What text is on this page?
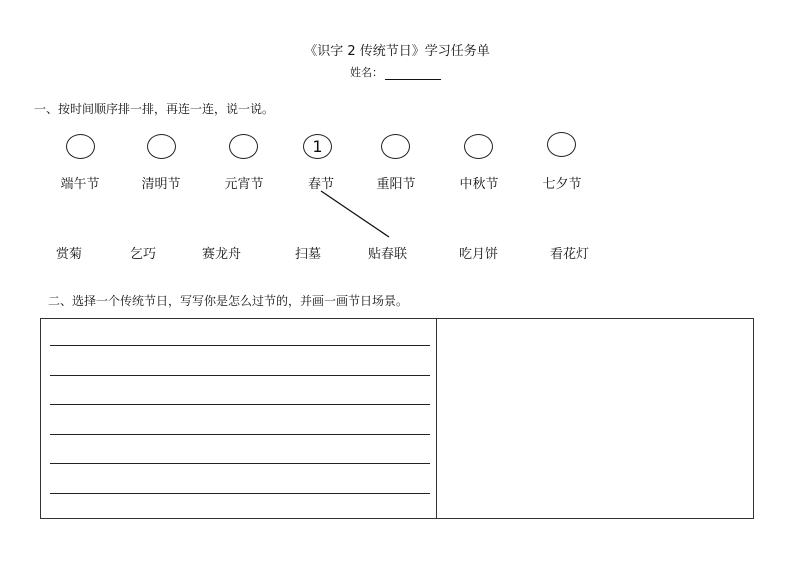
《识字 2 传统节日》学习任务单
姓名：
一、按时间顺序排一排，再连一连，说一说。
1
端午节	清明节	元宵节	春节	重阳节	中秋节	七夕节
赏菊	乞巧	赛龙舟	扫墓	贴春联	吃月饼	看花灯
二、选择一个传统节日，写写你是怎么过节的，并画一画节日场景。
